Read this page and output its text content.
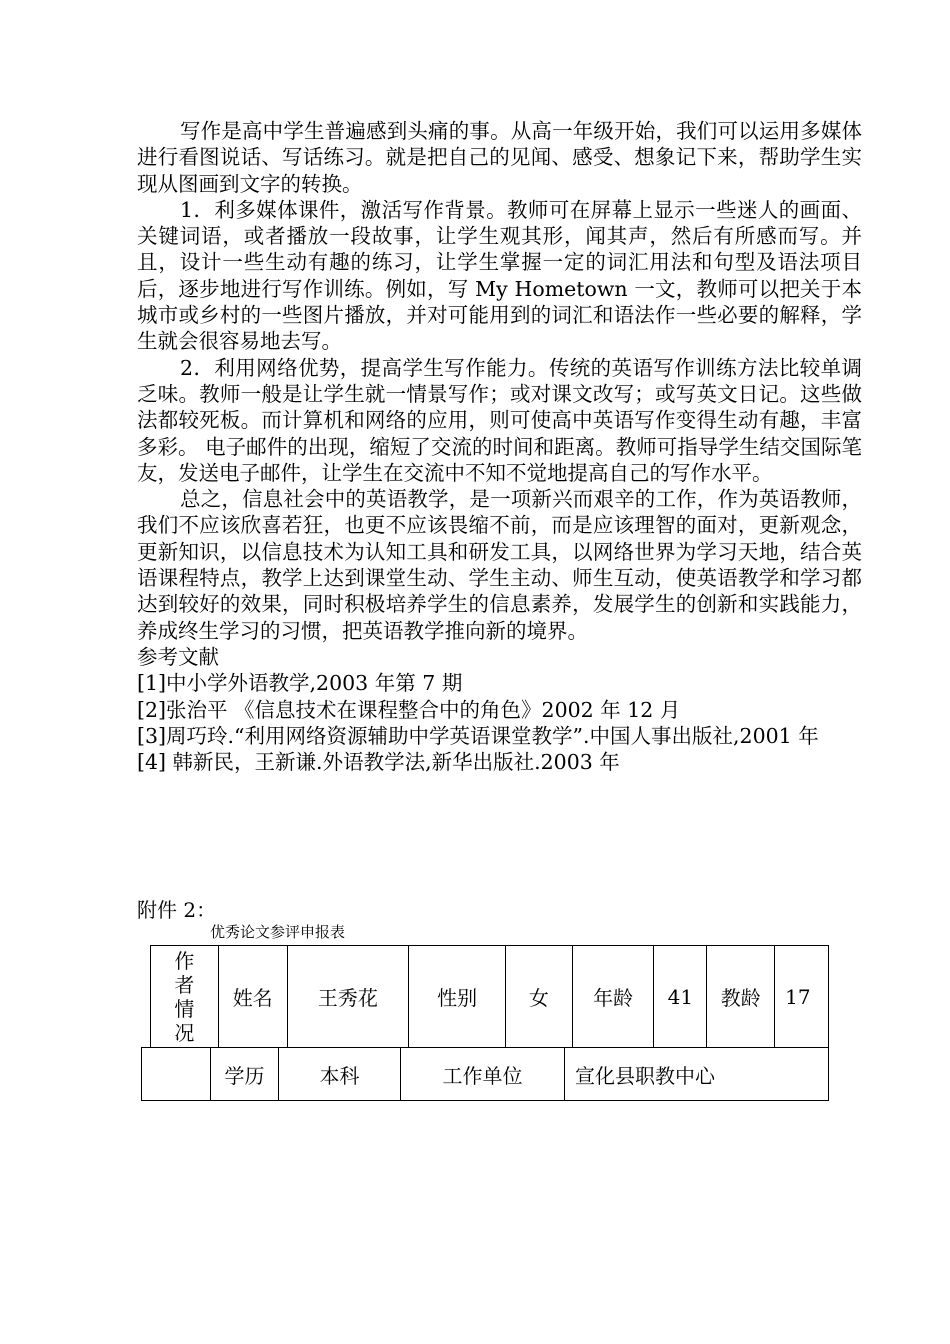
写作是高中学生普遍感到头痛的事。从高一年级开始，我们可以运用多媒体进行看图说话、写话练习。就是把自己的见闻、感受、想象记下来，帮助学生实现从图画到文字的转换。

1．利多媒体课件，激活写作背景。教师可在屏幕上显示一些迷人的画面、关键词语，或者播放一段故事，让学生观其形，闻其声，然后有所感而写。并且，设计一些生动有趣的练习，让学生掌握一定的词汇用法和句型及语法项目后，逐步地进行写作训练。例如，写 My Hometown 一文，教师可以把关于本城市或乡村的一些图片播放，并对可能用到的词汇和语法作一些必要的解释，学生就会很容易地去写。

2．利用网络优势，提高学生写作能力。传统的英语写作训练方法比较单调乏味。教师一般是让学生就一情景写作；或对课文改写；或写英文日记。这些做法都较死板。而计算机和网络的应用，则可使高中英语写作变得生动有趣，丰富多彩。 电子邮件的出现，缩短了交流的时间和距离。教师可指导学生结交国际笔友，发送电子邮件，让学生在交流中不知不觉地提高自己的写作水平。

总之，信息社会中的英语教学，是一项新兴而艰辛的工作，作为英语教师，我们不应该欣喜若狂，也更不应该畏缩不前，而是应该理智的面对，更新观念，更新知识，以信息技术为认知工具和研发工具，以网络世界为学习天地，结合英语课程特点，教学上达到课堂生动、学生主动、师生互动，使英语教学和学习都达到较好的效果，同时积极培养学生的信息素养，发展学生的创新和实践能力， 养成终生学习的习惯，把英语教学推向新的境界。

参考文献

[1]中小学外语教学,2003 年第 7 期

[2]张治平 《信息技术在课程整合中的角色》2002 年 12 月

[3]周巧玲.“利用网络资源辅助中学英语课堂教学”.中国人事出版社,2001 年

[4] 韩新民，王新谦.外语教学法,新华出版社.2003 年

附件 2：
优秀论文参评申报表
作
者
情
况
姓名	王秀花	性别	女	年龄	41	教龄	17
学历	本科	工作单位	宣化县职教中心
